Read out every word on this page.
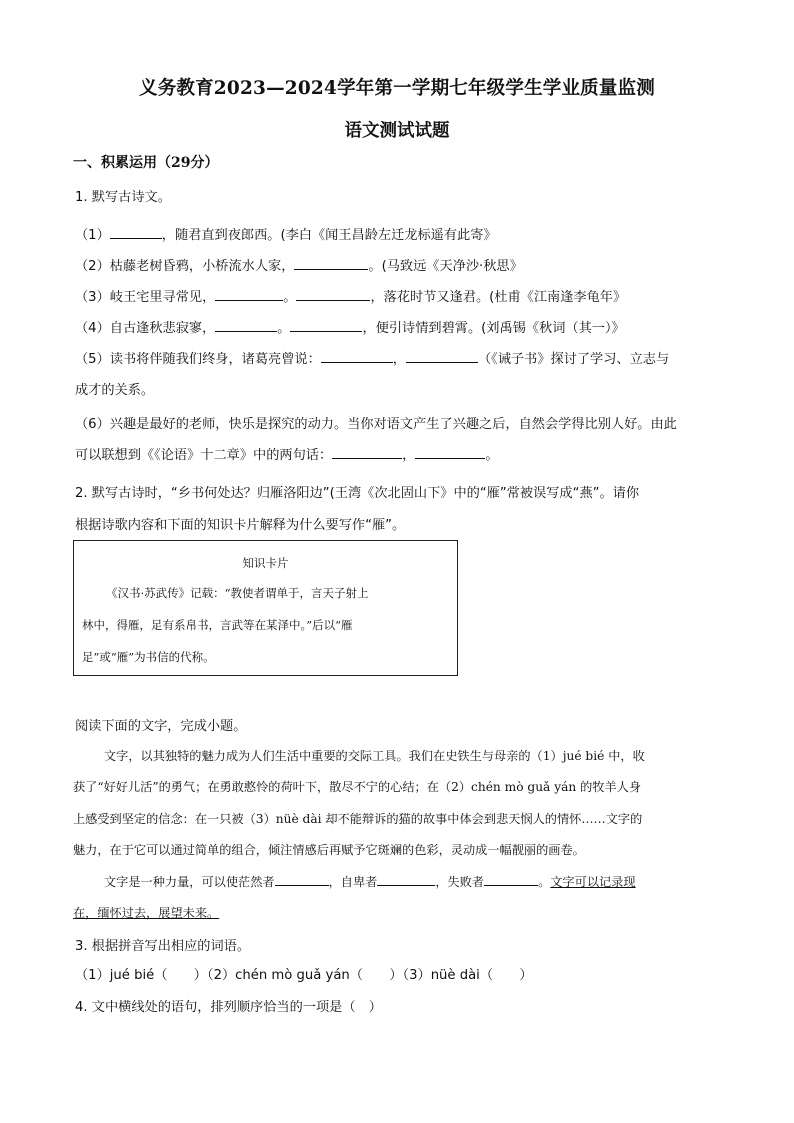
义务教育2023—2024学年第一学期七年级学生学业质量监测
语文测试试题
一、积累运用（29分）
1. 默写古诗文。
（1）	，随君直到夜郎西。(李白《闻王昌龄左迁龙标遥有此寄》
（2）枯藤老树昏鸦，小桥流水人家，	。(马致远《天净沙·秋思》
（3）岐王宅里寻常见，	。	，落花时节又逢君。(杜甫《江南逢李龟年》
（4）自古逢秋悲寂寥，	。	，便引诗情到碧霄。(刘禹锡《秋词（其一）》
（5）读书将伴随我们终身，诸葛亮曾说：	，	（《诫子书》探讨了学习、立志与
成才的关系。
（6）兴趣是最好的老师，快乐是探究的动力。当你对语文产生了兴趣之后，自然会学得比别人好。由此
可以联想到《《论语》十二章》中的两句话：	，	。
2. 默写古诗时，“乡书何处达？归雁洛阳边”(王湾《次北固山下》中的“雁”常被误写成“燕”。请你
根据诗歌内容和下面的知识卡片解释为什么要写作“雁”。
知识卡片
《汉书·苏武传》记载：“教使者谓单于，言天子射上
林中，得雁，足有系帛书，言武等在某泽中。”后以“雁
足”或“雁”为书信的代称。
阅读下面的文字，完成小题。
文字，以其独特的魅力成为人们生活中重要的交际工具。我们在史铁生与母亲的（1）jué bié 中，收
获了“好好儿活”的勇气；在勇敢憨怜的荷叶下，散尽不宁的心结；在（2）chén mò guǎ yán 的牧羊人身
上感受到坚定的信念：在一只被（3）nüè dài 却不能辩诉的猫的故事中体会到悲天悯人的情怀……文字的
魅力，在于它可以通过简单的组合，倾注情感后再赋予它斑斓的色彩，灵动成一幅靓丽的画卷。
文字是一种力量，可以使茫然者	，自卑者	，失败者	。文字可以记录现
在，缅怀过去，展望未来。
3. 根据拼音写出相应的词语。
（1）jué bié（　　）（2）chén mò guǎ yán（　　）（3）nüè dài（　　）
4. 文中横线处的语句，排列顺序恰当的一项是（　）
